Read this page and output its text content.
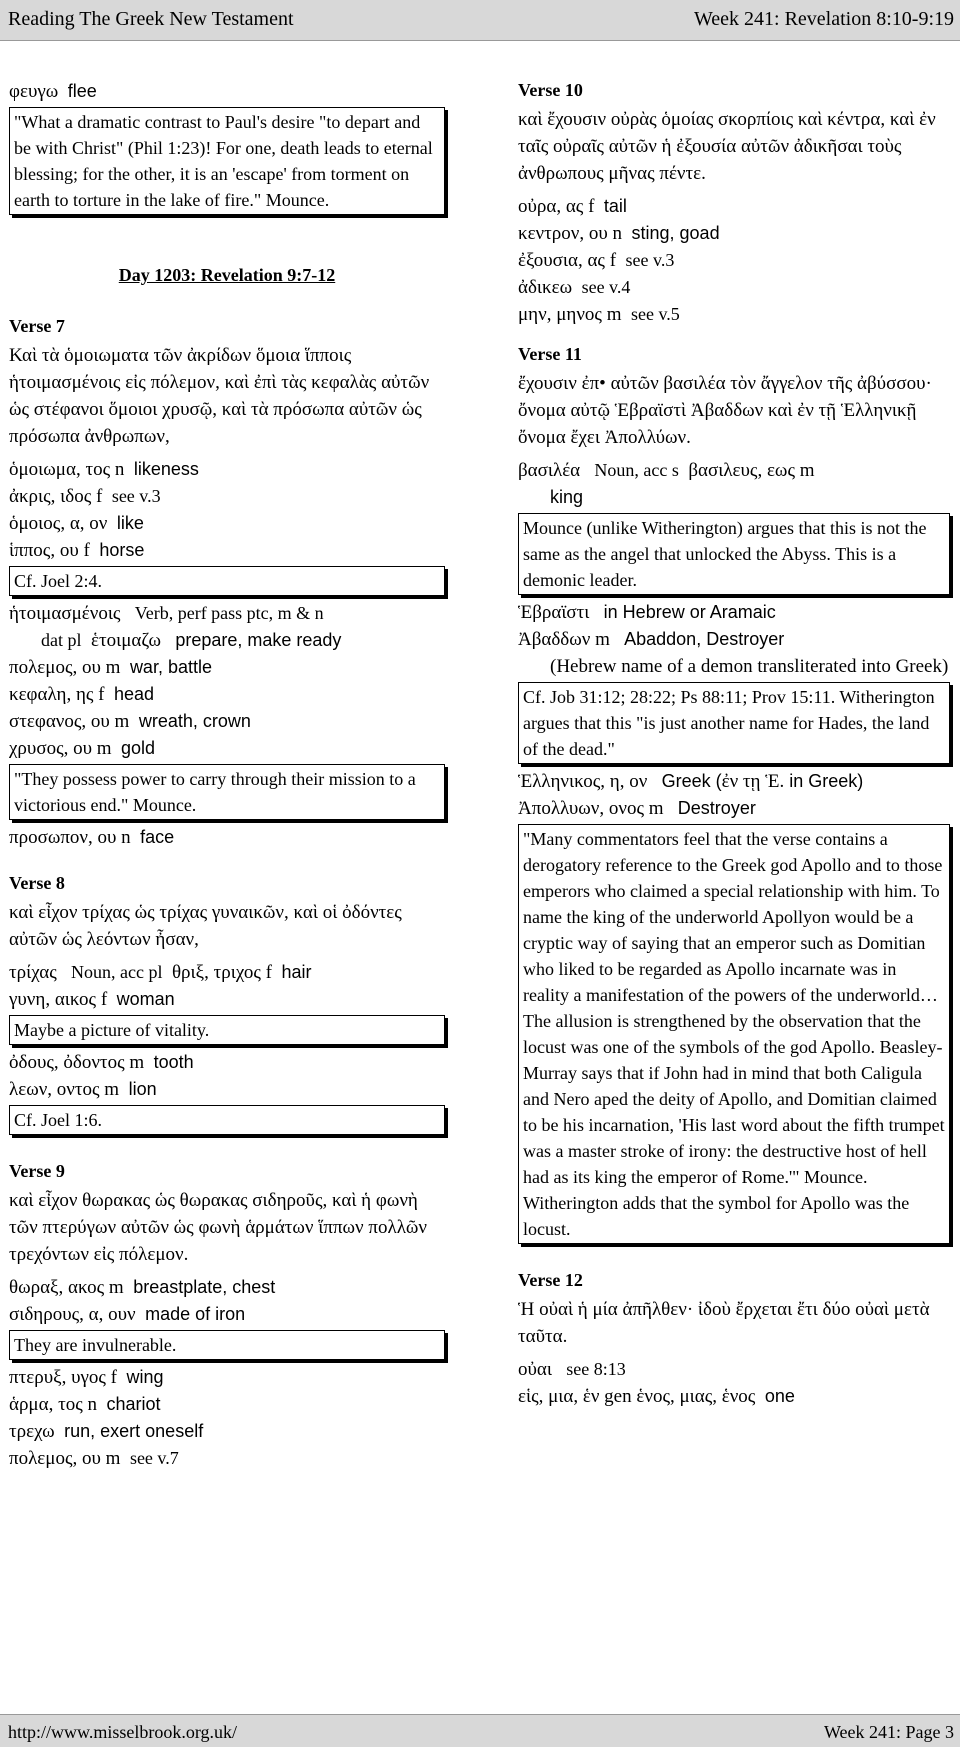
Reading The Greek New Testament	Week 241: Revelation 8:10-9:19
φευγω flee
"What a dramatic contrast to Paul's desire "to depart and be with Christ" (Phil 1:23)! For one, death leads to eternal blessing; for the other, it is an 'escape' from torment on earth to torture in the lake of fire." Mounce.
Day 1203: Revelation 9:7-12
Verse 7
Καὶ τὰ ὁμοιωματα τῶν ἀκρίδων ὅμοια ἵπποις ἡτοιμασμένοις εἰς πόλεμον, καὶ ἐπὶ τὰς κεφαλὰς αὐτῶν ὡς στέφανοι ὅμοιοι χρυσῷ, καὶ τὰ πρόσωπα αὐτῶν ὡς πρόσωπα ἀνθρωπων,
ὁμοιωμα, τος n likeness
ἀκρις, ιδος f see v.3
ὁμοιος, α, ον like
ἱππος, ου f horse
Cf. Joel 2:4.
ἡτοιμασμένοις Verb, perf pass ptc, m & n
dat pl ἑτοιμαζω prepare, make ready
πολεμος, ου m war, battle
κεφαλη, ης f head
στεφανος, ου m wreath, crown
χρυσος, ου m gold
"They possess power to carry through their mission to a victorious end." Mounce.
προσωπον, ου n face
Verse 8
καὶ εἶχον τρίχας ὡς τρίχας γυναικῶν, καὶ οἱ ὀδόντες αὐτῶν ὡς λεόντων ἦσαν,
τρίχας Noun, acc pl θριξ, τριχος f hair
γυνη, αικος f woman
Maybe a picture of vitality.
ὀδους, ὀδοντος m tooth
λεων, οντος m lion
Cf. Joel 1:6.
Verse 9
καὶ εἶχον θωρακας ὡς θωρακας σιδηροῦς, καὶ ἡ φωνὴ τῶν πτερύγων αὐτῶν ὡς φωνὴ ἁρμάτων ἵππων πολλῶν τρεχόντων εἰς πόλεμον.
θωραξ, ακος m breastplate, chest
σιδηρους, α, ουν made of iron
They are invulnerable.
πτερυξ, υγος f wing
ἁρμα, τος n chariot
τρεχω run, exert oneself
πολεμος, ου m see v.7
Verse 10
καὶ ἔχουσιν οὐρὰς ὁμοίας σκορπίοις καὶ κέντρα, καὶ ἐν ταῖς οὐραῖς αὐτῶν ἡ ἐξουσία αὐτῶν ἀδικῆσαι τοὺς ἀνθρωπους μῆνας πέντε.
οὐρα, ας f tail
κεντρον, ου n sting, goad
ἐξουσια, ας f see v.3
ἀδικεω see v.4
μην, μηνος m see v.5
Verse 11
ἔχουσιν ἐπ• αὐτῶν βασιλέα τὸν ἄγγελον τῆς ἀβύσσου· ὄνομα αὐτῷ Ἑβραϊστὶ Ἀβαδδων καὶ ἐν τῇ Ἑλληνικῇ ὄνομα ἔχει Ἀπολλύων.
βασιλέα Noun, acc s βασιλευς, εως m
king
Mounce (unlike Witherington) argues that this is not the same as the angel that unlocked the Abyss. This is a demonic leader.
Ἑβραϊστι in Hebrew or Aramaic
Ἀβαδδων m Abaddon, Destroyer
(Hebrew name of a demon transliterated into Greek)
Cf. Job 31:12; 28:22; Ps 88:11; Prov 15:11. Witherington argues that this "is just another name for Hades, the land of the dead."
Ἑλληνικος, η, ον Greek (ἐν τῃ Ἑ. in Greek)
Ἀπολλυων, ονος m Destroyer
"Many commentators feel that the verse contains a derogatory reference to the Greek god Apollo and to those emperors who claimed a special relationship with him. To name the king of the underworld Apollyon would be a cryptic way of saying that an emperor such as Domitian who liked to be regarded as Apollo incarnate was in reality a manifestation of the powers of the underworld… The allusion is strengthened by the observation that the locust was one of the symbols of the god Apollo. Beasley-Murray says that if John had in mind that both Caligula and Nero aped the deity of Apollo, and Domitian claimed to be his incarnation, 'His last word about the fifth trumpet was a master stroke of irony: the destructive host of hell had as its king the emperor of Rome.'" Mounce. Witherington adds that the symbol for Apollo was the locust.
Verse 12
Ἡ οὐαὶ ἡ μία ἀπῆλθεν· ἰδοὺ ἔρχεται ἔτι δύο οὐαὶ μετὰ ταῦτα.
οὐαι see 8:13
εἱς, μια, ἑν gen ἑνος, μιας, ἑνος one
http://www.misselbrook.org.uk/	Week 241: Page 3
